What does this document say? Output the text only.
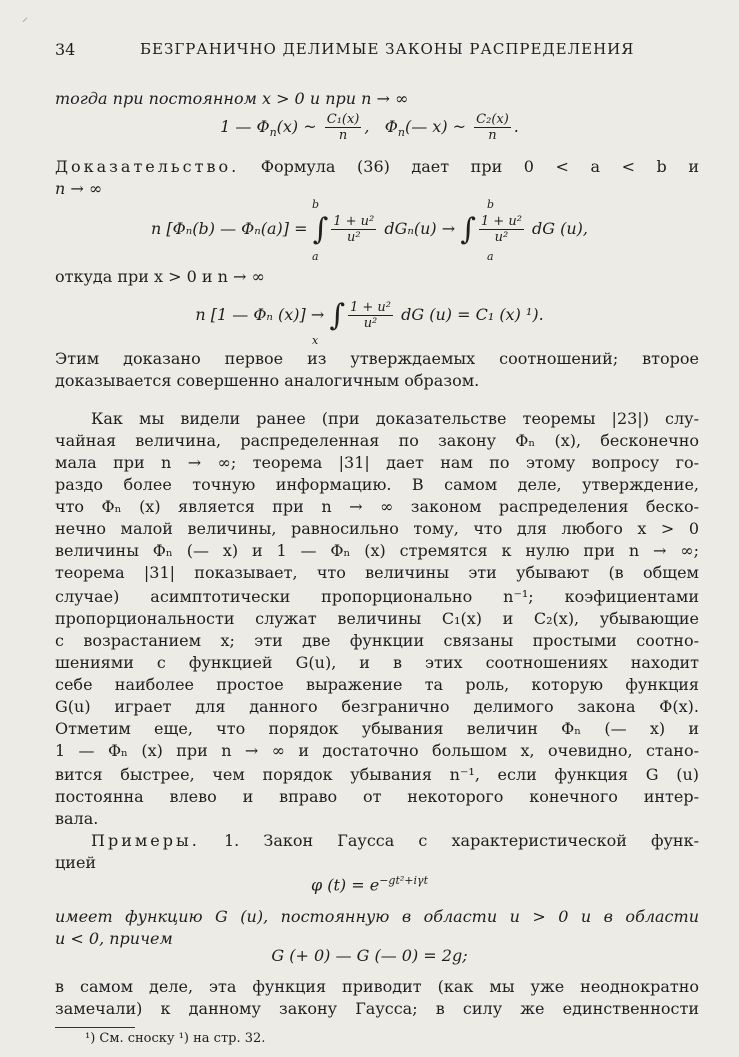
34	БЕЗГРАНИЧНО ДЕЛИМЫЕ ЗАКОНЫ РАСПРЕДЕЛЕНИЯ
тогда при постоянном x > 0 и при n → ∞
1 — $\Phi_n(x)$ ~ $\frac{\text{C₁(x)}}{n}$ , $\Phi_n(—$ x) ~ $\frac{\text{C₂(x)}}{n}$ .
Доказательство. Формула (36) дает при 0 < a < b и
n → ∞
n [Φₙ(b) — Φₙ(a)] = ∫ $\frac{\text{1 + u²}}{\text{u²}} dG_n(u)$ → ∫ $\frac{\text{1 + u²}}{\text{u²}}$ dG (u),
b
a
b
a
откуда при x > 0 и n → ∞
n [1 — Φₙ (x)] → ∫ $\frac{\text{1 + u²}}{\text{u²}}$ dG (u) = C₁ (x) ¹).
x
Этим доказано первое из утверждаемых соотношений; второе
доказывается совершенно аналогичным образом.
Как мы видели ранее (при доказательстве теоремы |23|) слу-
чайная величина, распределенная по закону Φₙ (x), бесконечно
мала при n → ∞; теорема |31| дает нам по этому вопросу го-
раздо более точную информацию. В самом деле, утверждение,
что Φₙ (x) является при n → ∞ законом распределения беско-
нечно малой величины, равносильно тому, что для любого x > 0
величины Φₙ (— x) и 1 — Φₙ (x) стремятся к нулю при n → ∞;
теорема |31| показывает, что величины эти убывают (в общем
случае) асимптотически пропорционально n⁻¹; коэфициентами
пропорциональности служат величины C₁(x) и C₂(x), убывающие
с возрастанием x; эти две функции связаны простыми соотно-
шениями с функцией G(u), и в этих соотношениях находит
себе наиболее простое выражение та роль, которую функция
G(u) играет для данного безгранично делимого закона Φ(x).
Отметим еще, что порядок убывания величин Φₙ (— x) и
1 — Φₙ (x) при n → ∞ и достаточно большом x, очевидно, стано-
вится быстрее, чем порядок убывания n⁻¹, если функция G (u)
постоянна влево и вправо от некоторого конечного интер-
вала.
Примеры. 1. Закон Гаусса с характеристической функ-
цией
φ $(t) = e^{-gt^2+i\gamma t}$
имеет функцию G (u), постоянную в области u > 0 и в области
u < 0, причем
G (+ 0) — G (— 0) = 2g;
в самом деле, эта функция приводит (как мы уже неоднократно
замечали) к данному закону Гаусса; в силу же единственности
¹) См. сноску ¹) на стр. 32.
⸝
